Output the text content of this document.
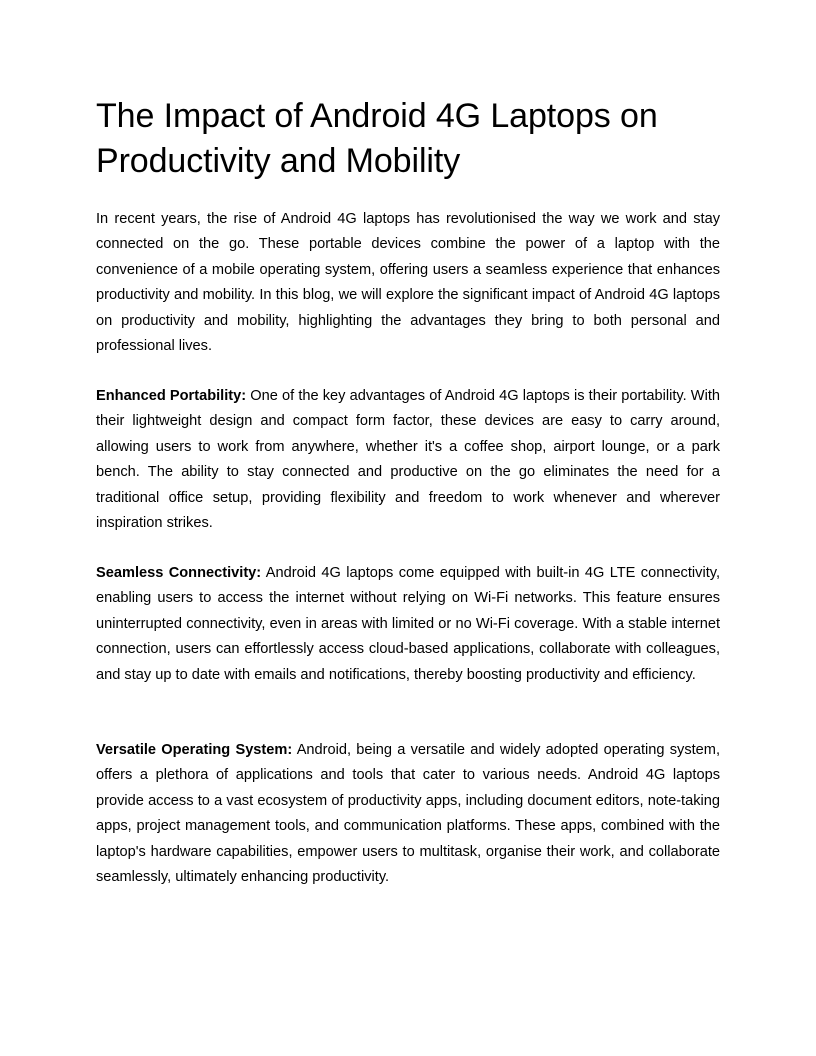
The Impact of Android 4G Laptops on Productivity and Mobility

In recent years, the rise of Android 4G laptops has revolutionised the way we work and stay connected on the go. These portable devices combine the power of a laptop with the convenience of a mobile operating system, offering users a seamless experience that enhances productivity and mobility. In this blog, we will explore the significant impact of Android 4G laptops on productivity and mobility, highlighting the advantages they bring to both personal and professional lives.

Enhanced Portability: One of the key advantages of Android 4G laptops is their portability. With their lightweight design and compact form factor, these devices are easy to carry around, allowing users to work from anywhere, whether it's a coffee shop, airport lounge, or a park bench. The ability to stay connected and productive on the go eliminates the need for a traditional office setup, providing flexibility and freedom to work whenever and wherever inspiration strikes.

Seamless Connectivity: Android 4G laptops come equipped with built-in 4G LTE connectivity, enabling users to access the internet without relying on Wi-Fi networks. This feature ensures uninterrupted connectivity, even in areas with limited or no Wi-Fi coverage. With a stable internet connection, users can effortlessly access cloud-based applications, collaborate with colleagues, and stay up to date with emails and notifications, thereby boosting productivity and efficiency.

Versatile Operating System: Android, being a versatile and widely adopted operating system, offers a plethora of applications and tools that cater to various needs. Android 4G laptops provide access to a vast ecosystem of productivity apps, including document editors, note-taking apps, project management tools, and communication platforms. These apps, combined with the laptop's hardware capabilities, empower users to multitask, organise their work, and collaborate seamlessly, ultimately enhancing productivity.
